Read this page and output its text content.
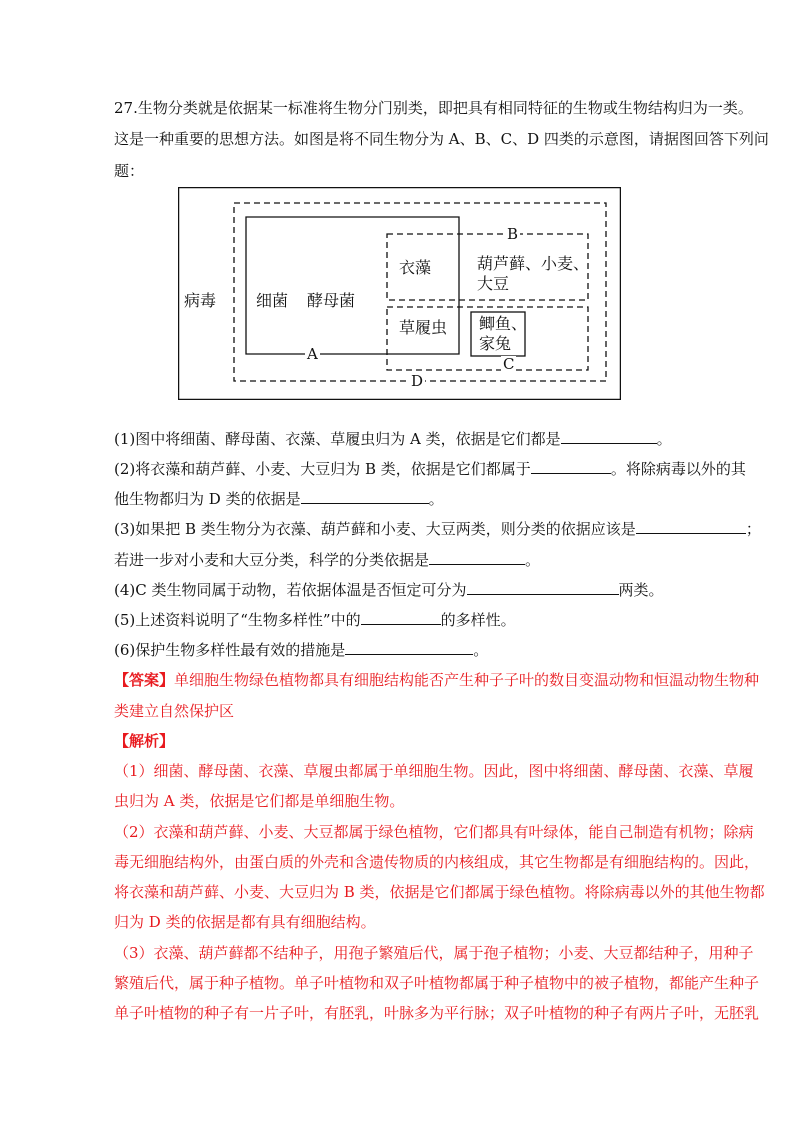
27.生物分类就是依据某一标准将生物分门别类，即把具有相同特征的生物或生物结构归为一类。
这是一种重要的思想方法。如图是将不同生物分为 A、B、C、D 四类的示意图，请据图回答下列问
题：
病毒 细菌 酵母菌
衣藻
草履虫
葫芦藓、小麦、
大豆
鲫鱼、
家兔
A
B
C
D
(1)图中将细菌、酵母菌、衣藻、草履虫归为 A 类，依据是它们都是	。
(2)将衣藻和葫芦藓、小麦、大豆归为 B 类，依据是它们都属于	。将除病毒以外的其
他生物都归为 D 类的依据是	。
(3)如果把 B 类生物分为衣藻、葫芦藓和小麦、大豆两类，则分类的依据应该是	；
若进一步对小麦和大豆分类，科学的分类依据是	。
(4)C 类生物同属于动物，若依据体温是否恒定可分为	两类。
(5)上述资料说明了“生物多样性”中的	的多样性。
(6)保护生物多样性最有效的措施是	。
【答案】单细胞生物绿色植物都具有细胞结构能否产生种子子叶的数目变温动物和恒温动物生物种
类建立自然保护区
【解析】
（1）细菌、酵母菌、衣藻、草履虫都属于单细胞生物。因此，图中将细菌、酵母菌、衣藻、草履
虫归为 A 类，依据是它们都是单细胞生物。
（2）衣藻和葫芦藓、小麦、大豆都属于绿色植物，它们都具有叶绿体，能自己制造有机物；除病
毒无细胞结构外，由蛋白质的外壳和含遗传物质的内核组成，其它生物都是有细胞结构的。因此，
将衣藻和葫芦藓、小麦、大豆归为 B 类，依据是它们都属于绿色植物。将除病毒以外的其他生物都
归为 D 类的依据是都有具有细胞结构。
（3）衣藻、葫芦藓都不结种子，用孢子繁殖后代，属于孢子植物；小麦、大豆都结种子，用种子
繁殖后代，属于种子植物。单子叶植物和双子叶植物都属于种子植物中的被子植物，都能产生种子
单子叶植物的种子有一片子叶，有胚乳，叶脉多为平行脉；双子叶植物的种子有两片子叶，无胚乳
